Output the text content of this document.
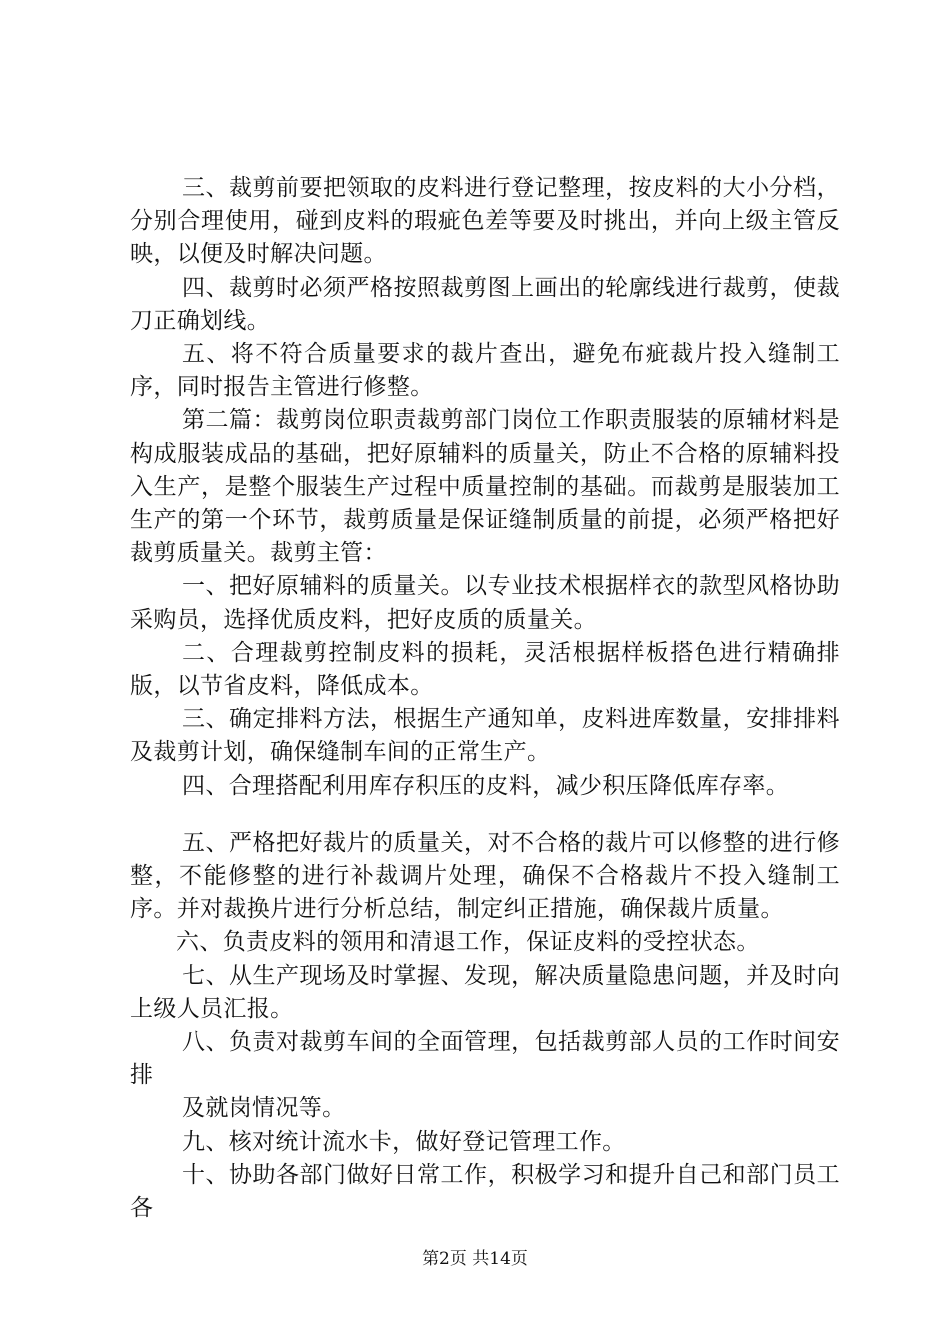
三、裁剪前要把领取的皮料进行登记整理，按皮料的大小分档，分别合理使用，碰到皮料的瑕疵色差等要及时挑出，并向上级主管反映，以便及时解决问题。

四、裁剪时必须严格按照裁剪图上画出的轮廓线进行裁剪，使裁刀正确划线。

五、将不符合质量要求的裁片查出，避免布疵裁片投入缝制工序，同时报告主管进行修整。

第二篇：裁剪岗位职责裁剪部门岗位工作职责服装的原辅材料是构成服装成品的基础，把好原辅料的质量关，防止不合格的原辅料投入生产，是整个服装生产过程中质量控制的基础。而裁剪是服装加工生产的第一个环节，裁剪质量是保证缝制质量的前提，必须严格把好裁剪质量关。裁剪主管：

一、把好原辅料的质量关。以专业技术根据样衣的款型风格协助采购员，选择优质皮料，把好皮质的质量关。

二、合理裁剪控制皮料的损耗，灵活根据样板搭色进行精确排版，以节省皮料，降低成本。

三、确定排料方法，根据生产通知单，皮料进库数量，安排排料及裁剪计划，确保缝制车间的正常生产。

四、合理搭配利用库存积压的皮料，减少积压降低库存率。

五、严格把好裁片的质量关，对不合格的裁片可以修整的进行修整，不能修整的进行补裁调片处理，确保不合格裁片不投入缝制工序。并对裁换片进行分析总结，制定纠正措施，确保裁片质量。

六、负责皮料的领用和清退工作，保证皮料的受控状态。

七、从生产现场及时掌握、发现，解决质量隐患问题，并及时向上级人员汇报。

八、负责对裁剪车间的全面管理，包括裁剪部人员的工作时间安排

及就岗情况等。

九、核对统计流水卡，做好登记管理工作。

十、协助各部门做好日常工作，积极学习和提升自己和部门员工各

第2页 共14页
